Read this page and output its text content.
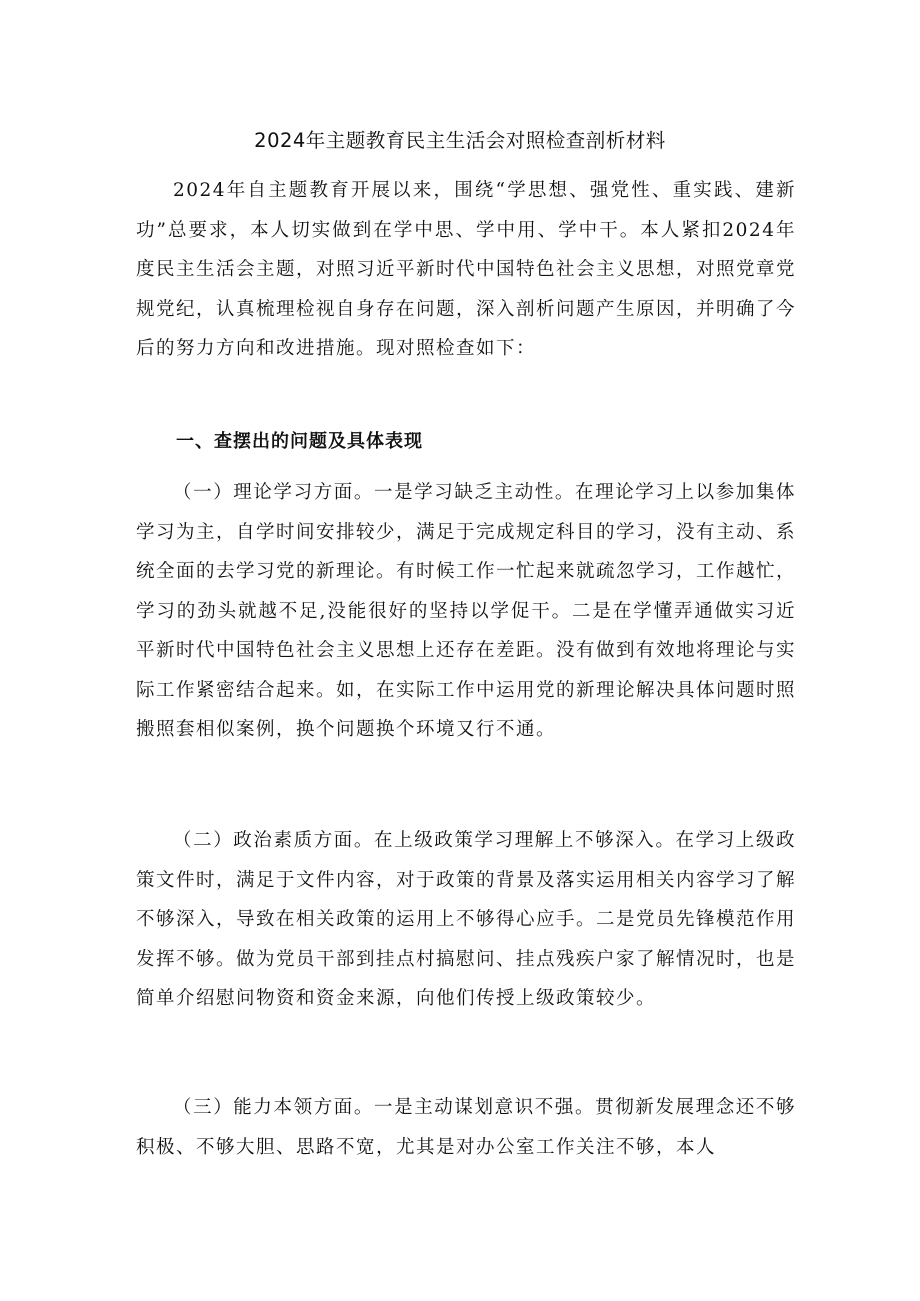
2024年主题教育民主生活会对照检查剖析材料

2024年自主题教育开展以来，围绕“学思想、强党性、重实践、建新功”总要求，本人切实做到在学中思、学中用、学中干。本人紧扣2024年度民主生活会主题，对照习近平新时代中国特色社会主义思想，对照党章党规党纪，认真梳理检视自身存在问题，深入剖析问题产生原因，并明确了今后的努力方向和改进措施。现对照检查如下：

一、查摆出的问题及具体表现

（一）理论学习方面。一是学习缺乏主动性。在理论学习上以参加集体学习为主，自学时间安排较少，满足于完成规定科目的学习，没有主动、系统全面的去学习党的新理论。有时候工作一忙起来就疏忽学习，工作越忙，学习的劲头就越不足,没能很好的坚持以学促干。二是在学懂弄通做实习近平新时代中国特色社会主义思想上还存在差距。没有做到有效地将理论与实际工作紧密结合起来。如，在实际工作中运用党的新理论解决具体问题时照搬照套相似案例，换个问题换个环境又行不通。

（二）政治素质方面。在上级政策学习理解上不够深入。在学习上级政策文件时，满足于文件内容，对于政策的背景及落实运用相关内容学习了解不够深入，导致在相关政策的运用上不够得心应手。二是党员先锋模范作用发挥不够。做为党员干部到挂点村搞慰问、挂点残疾户家了解情况时，也是简单介绍慰问物资和资金来源，向他们传授上级政策较少。

（三）能力本领方面。一是主动谋划意识不强。贯彻新发展理念还不够积极、不够大胆、思路不宽，尤其是对办公室工作关注不够，本人
